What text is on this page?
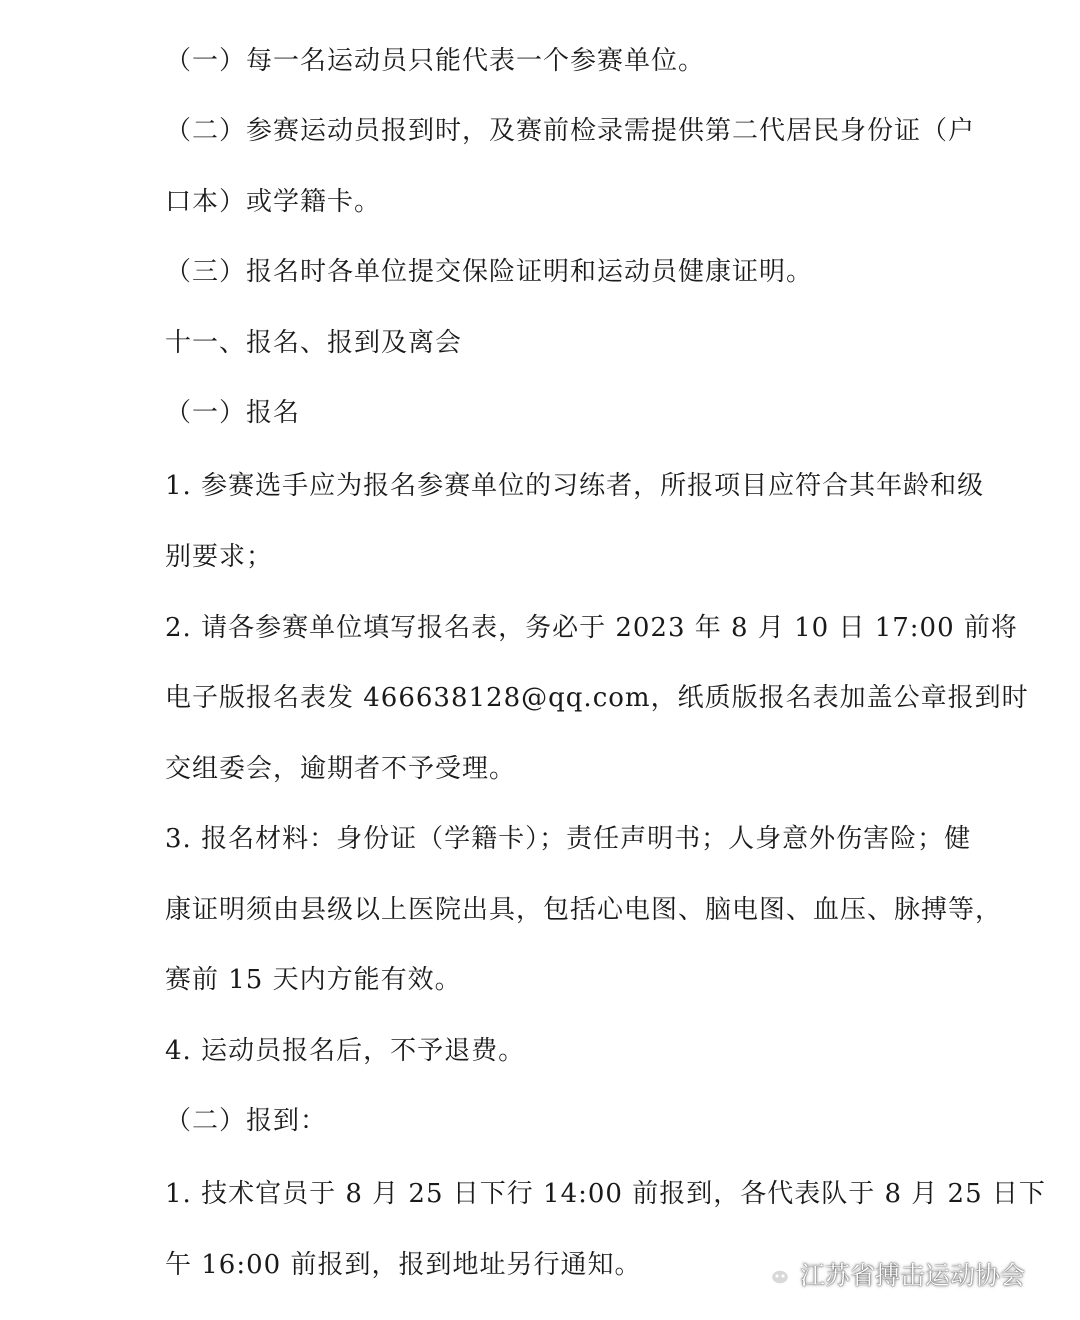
（一）每一名运动员只能代表一个参赛单位。
（二）参赛运动员报到时，及赛前检录需提供第二代居民身份证（户
口本）或学籍卡。
（三）报名时各单位提交保险证明和运动员健康证明。
十一、报名、报到及离会
（一）报名
1. 参赛选手应为报名参赛单位的习练者，所报项目应符合其年龄和级
别要求；
2. 请各参赛单位填写报名表，务必于 2023 年 8 月 10 日 17:00 前将
电子版报名表发 466638128@qq.com，纸质版报名表加盖公章报到时
交组委会，逾期者不予受理。
3. 报名材料：身份证（学籍卡）；责任声明书；人身意外伤害险；健
康证明须由县级以上医院出具，包括心电图、脑电图、血压、脉搏等，
赛前 15 天内方能有效。
4. 运动员报名后，不予退费。
（二）报到：
1. 技术官员于 8 月 25 日下行 14:00 前报到，各代表队于 8 月 25 日下
午 16:00 前报到，报到地址另行通知。	江苏省搏击运动协会
